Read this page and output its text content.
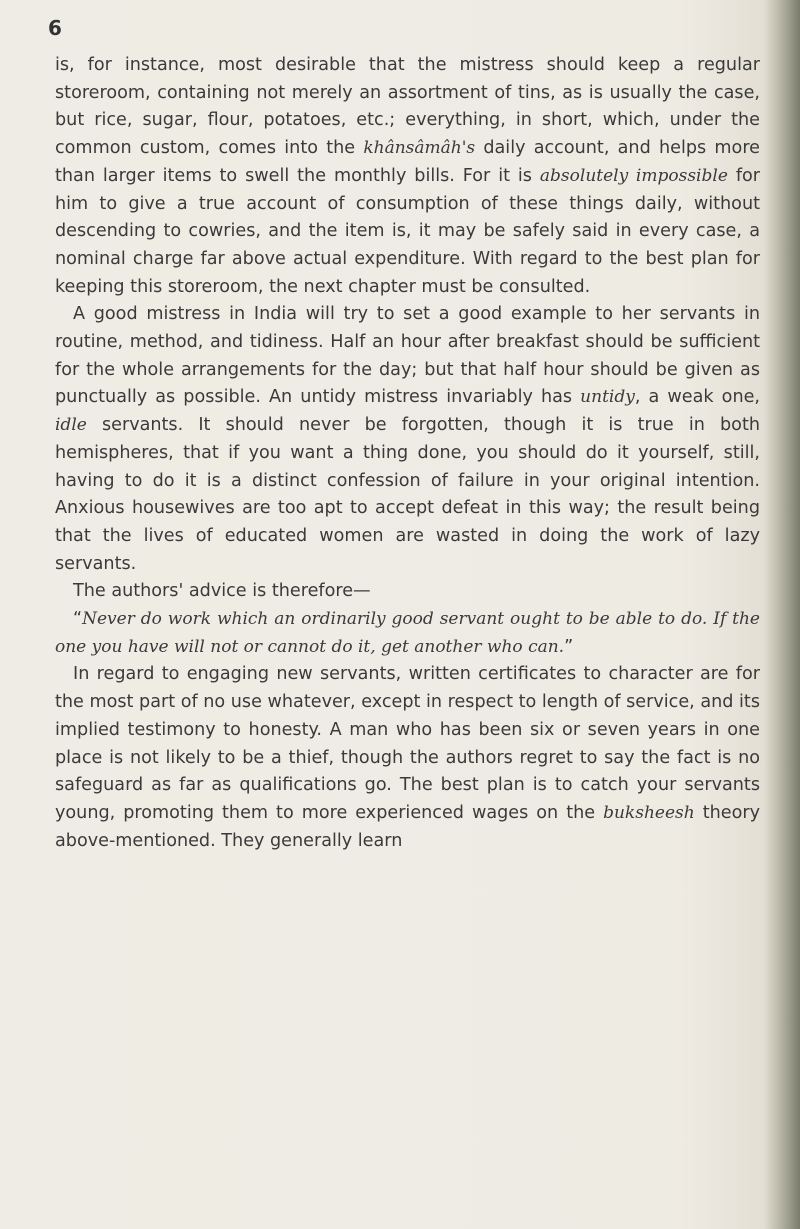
6

is, for instance, most desirable that the mistress should keep a regular storeroom, containing not merely an assortment of tins, as is usually the case, but rice, sugar, flour, potatoes, etc.; everything, in short, which, under the common custom, comes into the khânsâmâh's daily account, and helps more than larger items to swell the monthly bills. For it is absolutely impossible for him to give a true account of consumption of these things daily, without descending to cowries, and the item is, it may be safely said in every case, a nominal charge far above actual expenditure. With regard to the best plan for keeping this storeroom, the next chapter must be consulted.

A good mistress in India will try to set a good example to her servants in routine, method, and tidiness. Half an hour after breakfast should be sufficient for the whole arrangements for the day; but that half hour should be given as punctually as possible. An untidy mistress invariably has untidy, a weak one, idle servants. It should never be forgotten, though it is true in both hemispheres, that if you want a thing done, you should do it yourself, still, having to do it is a distinct confession of failure in your original intention. Anxious housewives are too apt to accept defeat in this way; the result being that the lives of educated women are wasted in doing the work of lazy servants.

The authors' advice is therefore—

“Never do work which an ordinarily good servant ought to be able to do. If the one you have will not or cannot do it, get another who can.”

In regard to engaging new servants, written certificates to character are for the most part of no use whatever, except in respect to length of service, and its implied testimony to honesty. A man who has been six or seven years in one place is not likely to be a thief, though the authors regret to say the fact is no safeguard as far as qualifications go. The best plan is to catch your servants young, promoting them to more experienced wages on the buksheesh theory above-mentioned. They generally learn
